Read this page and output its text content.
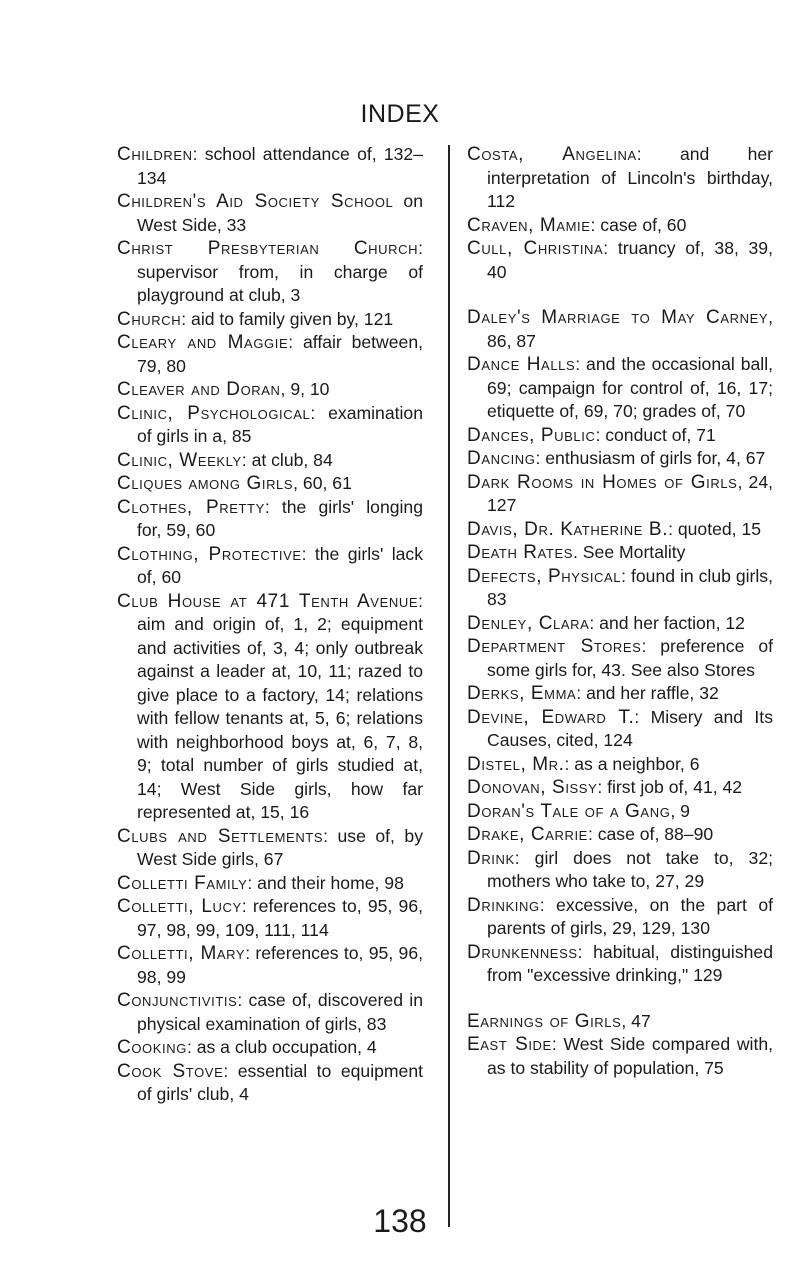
INDEX
Children: school attendance of, 132–134
Children's Aid Society School on West Side, 33
Christ Presbyterian Church: supervisor from, in charge of playground at club, 3
Church: aid to family given by, 121
Cleary and Maggie: affair between, 79, 80
Cleaver and Doran, 9, 10
Clinic, Psychological: examination of girls in a, 85
Clinic, Weekly: at club, 84
Cliques among Girls, 60, 61
Clothes, Pretty: the girls' longing for, 59, 60
Clothing, Protective: the girls' lack of, 60
Club House at 471 Tenth Avenue: aim and origin of, 1, 2; equipment and activities of, 3, 4; only outbreak against a leader at, 10, 11; razed to give place to a factory, 14; relations with fellow tenants at, 5, 6; relations with neighborhood boys at, 6, 7, 8, 9; total number of girls studied at, 14; West Side girls, how far represented at, 15, 16
Clubs and Settlements: use of, by West Side girls, 67
Colletti Family: and their home, 98
Colletti, Lucy: references to, 95, 96, 97, 98, 99, 109, 111, 114
Colletti, Mary: references to, 95, 96, 98, 99
Conjunctivitis: case of, discovered in physical examination of girls, 83
Cooking: as a club occupation, 4
Cook Stove: essential to equipment of girls' club, 4
Costa, Angelina: and her interpretation of Lincoln's birthday, 112
Craven, Mamie: case of, 60
Cull, Christina: truancy of, 38, 39, 40
Daley's Marriage to May Carney, 86, 87
Dance Halls: and the occasional ball, 69; campaign for control of, 16, 17; etiquette of, 69, 70; grades of, 70
Dances, Public: conduct of, 71
Dancing: enthusiasm of girls for, 4, 67
Dark Rooms in Homes of Girls, 24, 127
Davis, Dr. Katherine B.: quoted, 15
Death Rates. See Mortality
Defects, Physical: found in club girls, 83
Denley, Clara: and her faction, 12
Department Stores: preference of some girls for, 43. See also Stores
Derks, Emma: and her raffle, 32
Devine, Edward T.: Misery and Its Causes, cited, 124
Distel, Mr.: as a neighbor, 6
Donovan, Sissy: first job of, 41, 42
Doran's Tale of a Gang, 9
Drake, Carrie: case of, 88–90
Drink: girl does not take to, 32; mothers who take to, 27, 29
Drinking: excessive, on the part of parents of girls, 29, 129, 130
Drunkenness: habitual, distinguished from "excessive drinking," 129
Earnings of Girls, 47
East Side: West Side compared with, as to stability of population, 75
138
